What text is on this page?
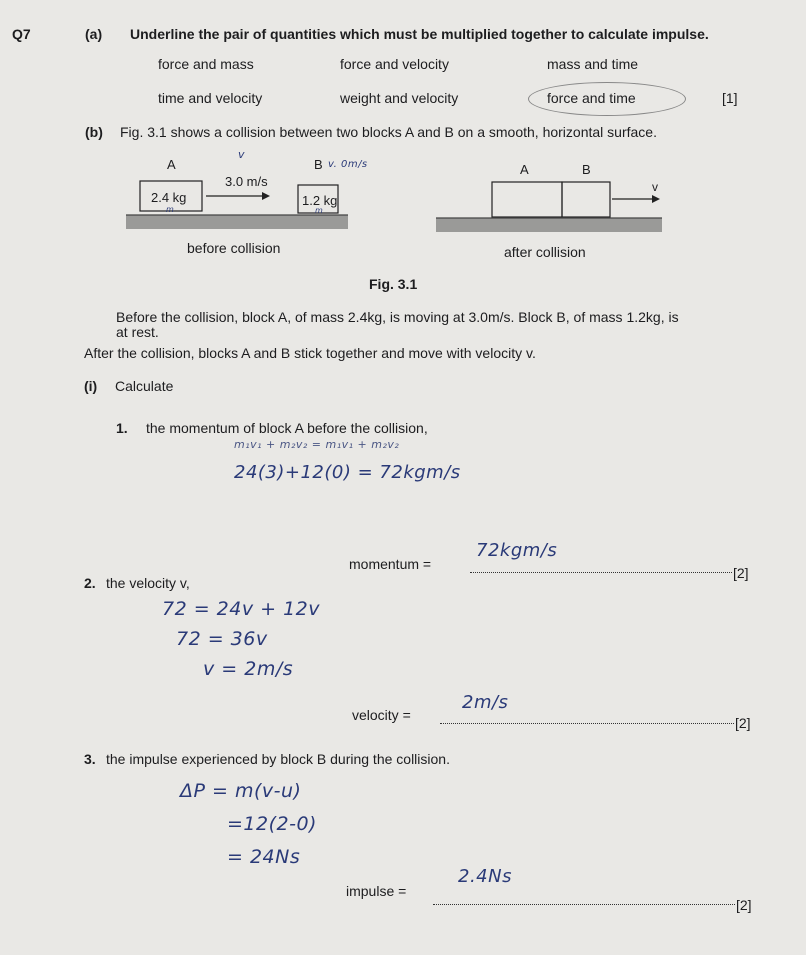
Q7	(a) Underline the pair of quantities which must be multiplied together to calculate impulse.
force and mass	force and velocity	mass and time
time and velocity	weight and velocity	force and time	[1]
(b) Fig. 3.1 shows a collision between two blocks A and B on a smooth, horizontal surface.
A
v
B v. 0m/s
3.0 m/s
2.4 kg
m
1.2 kg
m
before collision
A	B
v
after collision
Fig. 3.1
Before the collision, block A, of mass 2.4kg, is moving at 3.0m/s. Block B, of mass 1.2kg, is
at rest.
After the collision, blocks A and B stick together and move with velocity v.
(i) Calculate
1. the momentum of block A before the collision,
m₁v₁ + m₂v₂ = m₁v₁ + m₂v₂
24(3)+12(0) = 72kgm/s
momentum =
72kgm/s
[2]
2. the velocity v,
72 = 24v + 12v
72 = 36v
v = 2m/s
velocity =
2m/s
[2]
3. the impulse experienced by block B during the collision.
ΔP = m(v-u)
=12(2-0)
= 24Ns
impulse =
2.4Ns
[2]
